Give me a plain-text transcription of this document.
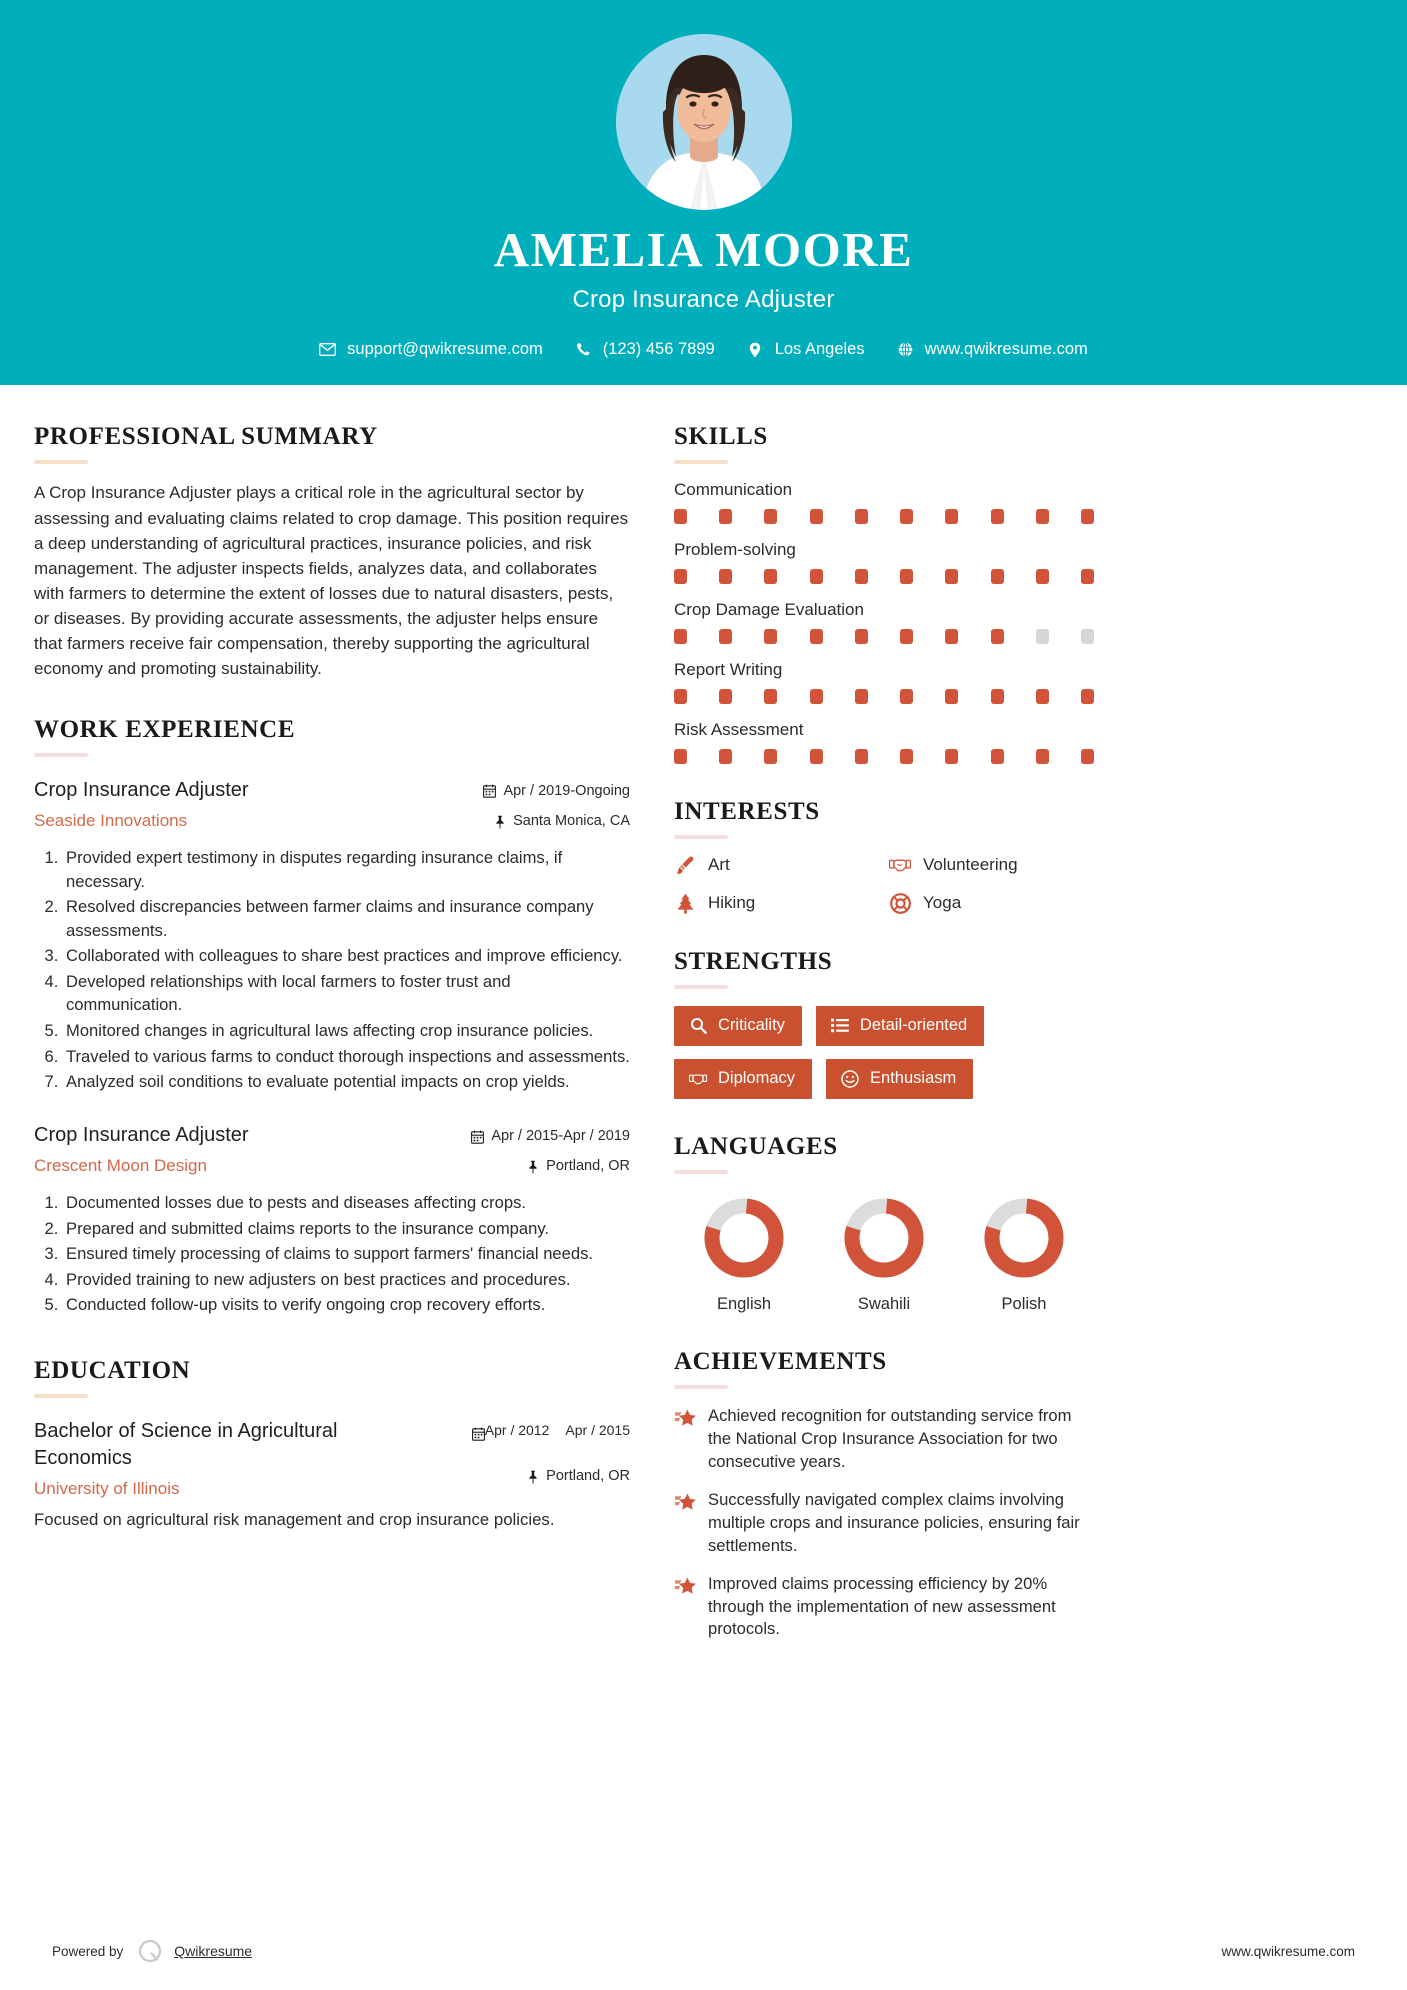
AMELIA MOORE
Crop Insurance Adjuster
support@qwikresume.com	(123) 456 7899	Los Angeles	www.qwikresume.com
PROFESSIONAL SUMMARY

A Crop Insurance Adjuster plays a critical role in the agricultural sector by assessing and evaluating claims related to crop damage. This position requires a deep understanding of agricultural practices, insurance policies, and risk management. The adjuster inspects fields, analyzes data, and collaborates with farmers to determine the extent of losses due to natural disasters, pests, or diseases. By providing accurate assessments, the adjuster helps ensure that farmers receive fair compensation, thereby supporting the agricultural economy and promoting sustainability.

WORK EXPERIENCE
Crop Insurance Adjuster
Seaside Innovations
Apr / 2019-Ongoing
Santa Monica, CA
1. Provided expert testimony in disputes regarding insurance claims, if necessary.
2. Resolved discrepancies between farmer claims and insurance company assessments.
3. Collaborated with colleagues to share best practices and improve efficiency.
4. Developed relationships with local farmers to foster trust and communication.
5. Monitored changes in agricultural laws affecting crop insurance policies.
6. Traveled to various farms to conduct thorough inspections and assessments.
7. Analyzed soil conditions to evaluate potential impacts on crop yields.
Crop Insurance Adjuster
Crescent Moon Design
Apr / 2015-Apr / 2019
Portland, OR
1. Documented losses due to pests and diseases affecting crops.
2. Prepared and submitted claims reports to the insurance company.
3. Ensured timely processing of claims to support farmers' financial needs.
4. Provided training to new adjusters on best practices and procedures.
5. Conducted follow-up visits to verify ongoing crop recovery efforts.
EDUCATION
Bachelor of Science in Agricultural Economics
University of Illinois
Apr / 2012 Apr / 2015
Portland, OR
Focused on agricultural risk management and crop insurance policies.
SKILLS
Communication
Problem-solving
Crop Damage Evaluation
Report Writing
Risk Assessment
INTERESTS
Art	Volunteering
Hiking	Yoga
STRENGTHS
Criticality	Detail-oriented
Diplomacy	Enthusiasm
LANGUAGES
English	Swahili	Polish
ACHIEVEMENTS
Achieved recognition for outstanding service from the National Crop Insurance Association for two consecutive years.
Successfully navigated complex claims involving multiple crops and insurance policies, ensuring fair settlements.
Improved claims processing efficiency by 20% through the implementation of new assessment protocols.
Powered by	Qwikresume	www.qwikresume.com
